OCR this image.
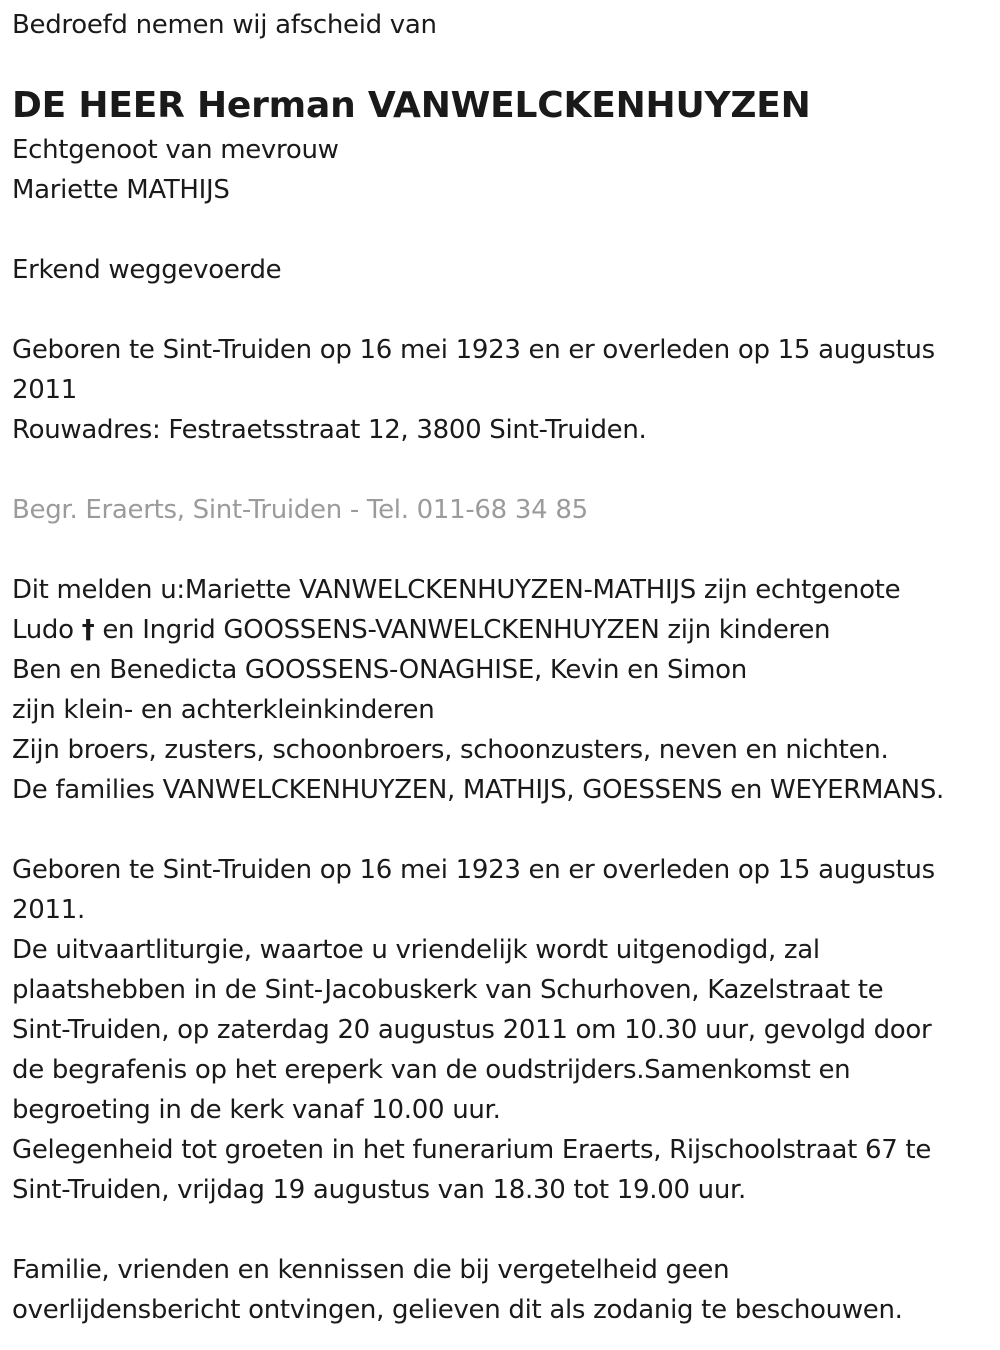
Bedroefd nemen wij afscheid van

DE HEER Herman VANWELCKENHUYZEN

Echtgenoot van mevrouw

Mariette MATHIJS

Erkend weggevoerde

Geboren te Sint-Truiden op 16 mei 1923 en er overleden op 15 augustus

2011

Rouwadres: Festraetsstraat 12, 3800 Sint-Truiden.

Begr. Eraerts, Sint-Truiden - Tel. 011-68 34 85

Dit melden u:Mariette VANWELCKENHUYZEN-MATHIJS zijn echtgenote

Ludo † en Ingrid GOOSSENS-VANWELCKENHUYZEN zijn kinderen

Ben en Benedicta GOOSSENS-ONAGHISE, Kevin en Simon

zijn klein- en achterkleinkinderen

Zijn broers, zusters, schoonbroers, schoonzusters, neven en nichten.

De families VANWELCKENHUYZEN, MATHIJS, GOESSENS en WEYERMANS.

Geboren te Sint-Truiden op 16 mei 1923 en er overleden op 15 augustus

2011.

De uitvaartliturgie, waartoe u vriendelijk wordt uitgenodigd, zal

plaatshebben in de Sint-Jacobuskerk van Schurhoven, Kazelstraat te

Sint-Truiden, op zaterdag 20 augustus 2011 om 10.30 uur, gevolgd door

de begrafenis op het ereperk van de oudstrijders.Samenkomst en

begroeting in de kerk vanaf 10.00 uur.

Gelegenheid tot groeten in het funerarium Eraerts, Rijschoolstraat 67 te

Sint-Truiden, vrijdag 19 augustus van 18.30 tot 19.00 uur.

Familie, vrienden en kennissen die bij vergetelheid geen

overlijdensbericht ontvingen, gelieven dit als zodanig te beschouwen.
